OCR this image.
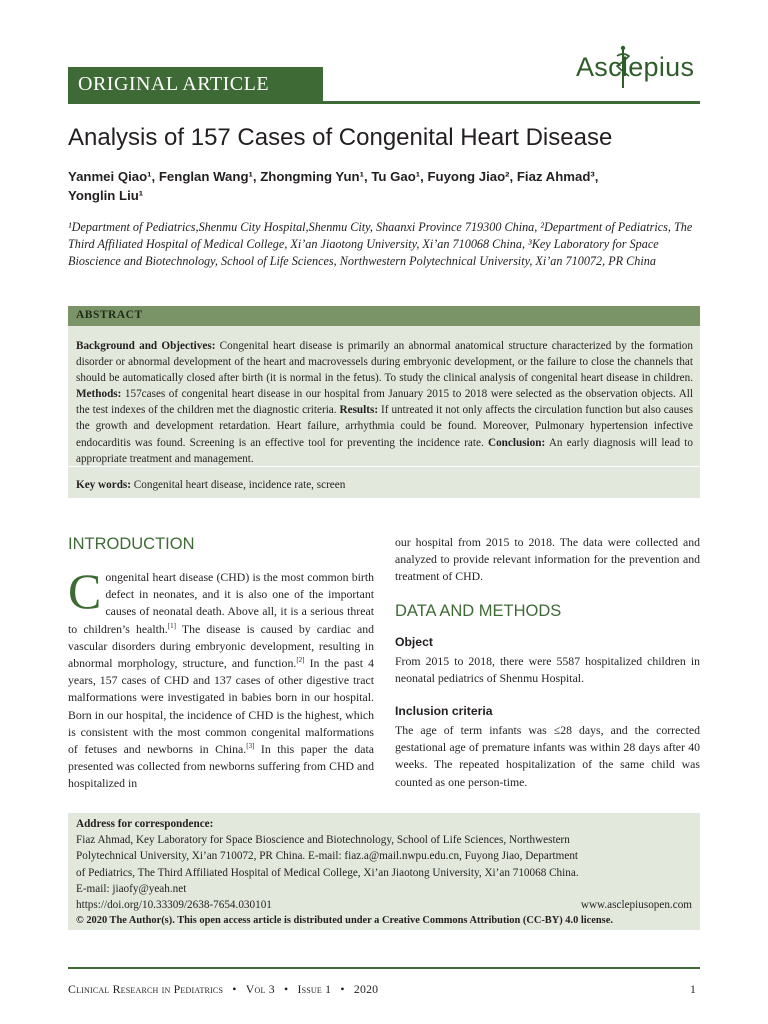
ORIGINAL ARTICLE
Asclepius
Analysis of 157 Cases of Congenital Heart Disease
Yanmei Qiao¹, Fenglan Wang¹, Zhongming Yun¹, Tu Gao¹, Fuyong Jiao², Fiaz Ahmad³,
Yonglin Liu¹
¹Department of Pediatrics,Shenmu City Hospital,Shenmu City, Shaanxi Province 719300 China, ²Department of Pediatrics, The Third Affiliated Hospital of Medical College, Xi’an Jiaotong University, Xi’an 710068 China, ³Key Laboratory for Space Bioscience and Biotechnology, School of Life Sciences, Northwestern Polytechnical University, Xi’an 710072, PR China
ABSTRACT
Background and Objectives: Congenital heart disease is primarily an abnormal anatomical structure characterized by the formation disorder or abnormal development of the heart and macrovessels during embryonic development, or the failure to close the channels that should be automatically closed after birth (it is normal in the fetus). To study the clinical analysis of congenital heart disease in children. Methods: 157cases of congenital heart disease in our hospital from January 2015 to 2018 were selected as the observation objects. All the test indexes of the children met the diagnostic criteria. Results: If untreated it not only affects the circulation function but also causes the growth and development retardation. Heart failure, arrhythmia could be found. Moreover, Pulmonary hypertension infective endocarditis was found. Screening is an effective tool for preventing the incidence rate. Conclusion: An early diagnosis will lead to appropriate treatment and management.
Key words: Congenital heart disease, incidence rate, screen
INTRODUCTION
Congenital heart disease (CHD) is the most common birth defect in neonates, and it is also one of the important causes of neonatal death. Above all, it is a serious threat to children’s health.[1] The disease is caused by cardiac and vascular disorders during embryonic development, resulting in abnormal morphology, structure, and function.[2] In the past 4 years, 157 cases of CHD and 137 cases of other digestive tract malformations were investigated in babies born in our hospital. Born in our hospital, the incidence of CHD is the highest, which is consistent with the most common congenital malformations of fetuses and newborns in China.[3] In this paper the data presented was collected from newborns suffering from CHD and hospitalized in
our hospital from 2015 to 2018. The data were collected and analyzed to provide relevant information for the prevention and treatment of CHD.
DATA AND METHODS
Object
From 2015 to 2018, there were 5587 hospitalized children in neonatal pediatrics of Shenmu Hospital.
Inclusion criteria
The age of term infants was ≤28 days, and the corrected gestational age of premature infants was within 28 days after 40 weeks. The repeated hospitalization of the same child was counted as one person-time.
Address for correspondence:
Fiaz Ahmad, Key Laboratory for Space Bioscience and Biotechnology, School of Life Sciences, Northwestern
Polytechnical University, Xi’an 710072, PR China. E-mail: fiaz.a@mail.nwpu.edu.cn, Fuyong Jiao, Department
of Pediatrics, The Third Affiliated Hospital of Medical College, Xi’an Jiaotong University, Xi’an 710068 China.
E-mail: jiaofy@yeah.net
https://doi.org/10.33309/2638-7654.030101	www.asclepiusopen.com
© 2020 The Author(s). This open access article is distributed under a Creative Commons Attribution (CC-BY) 4.0 license.
Clinical Research in Pediatrics • Vol 3 • Issue 1 • 2020	1
